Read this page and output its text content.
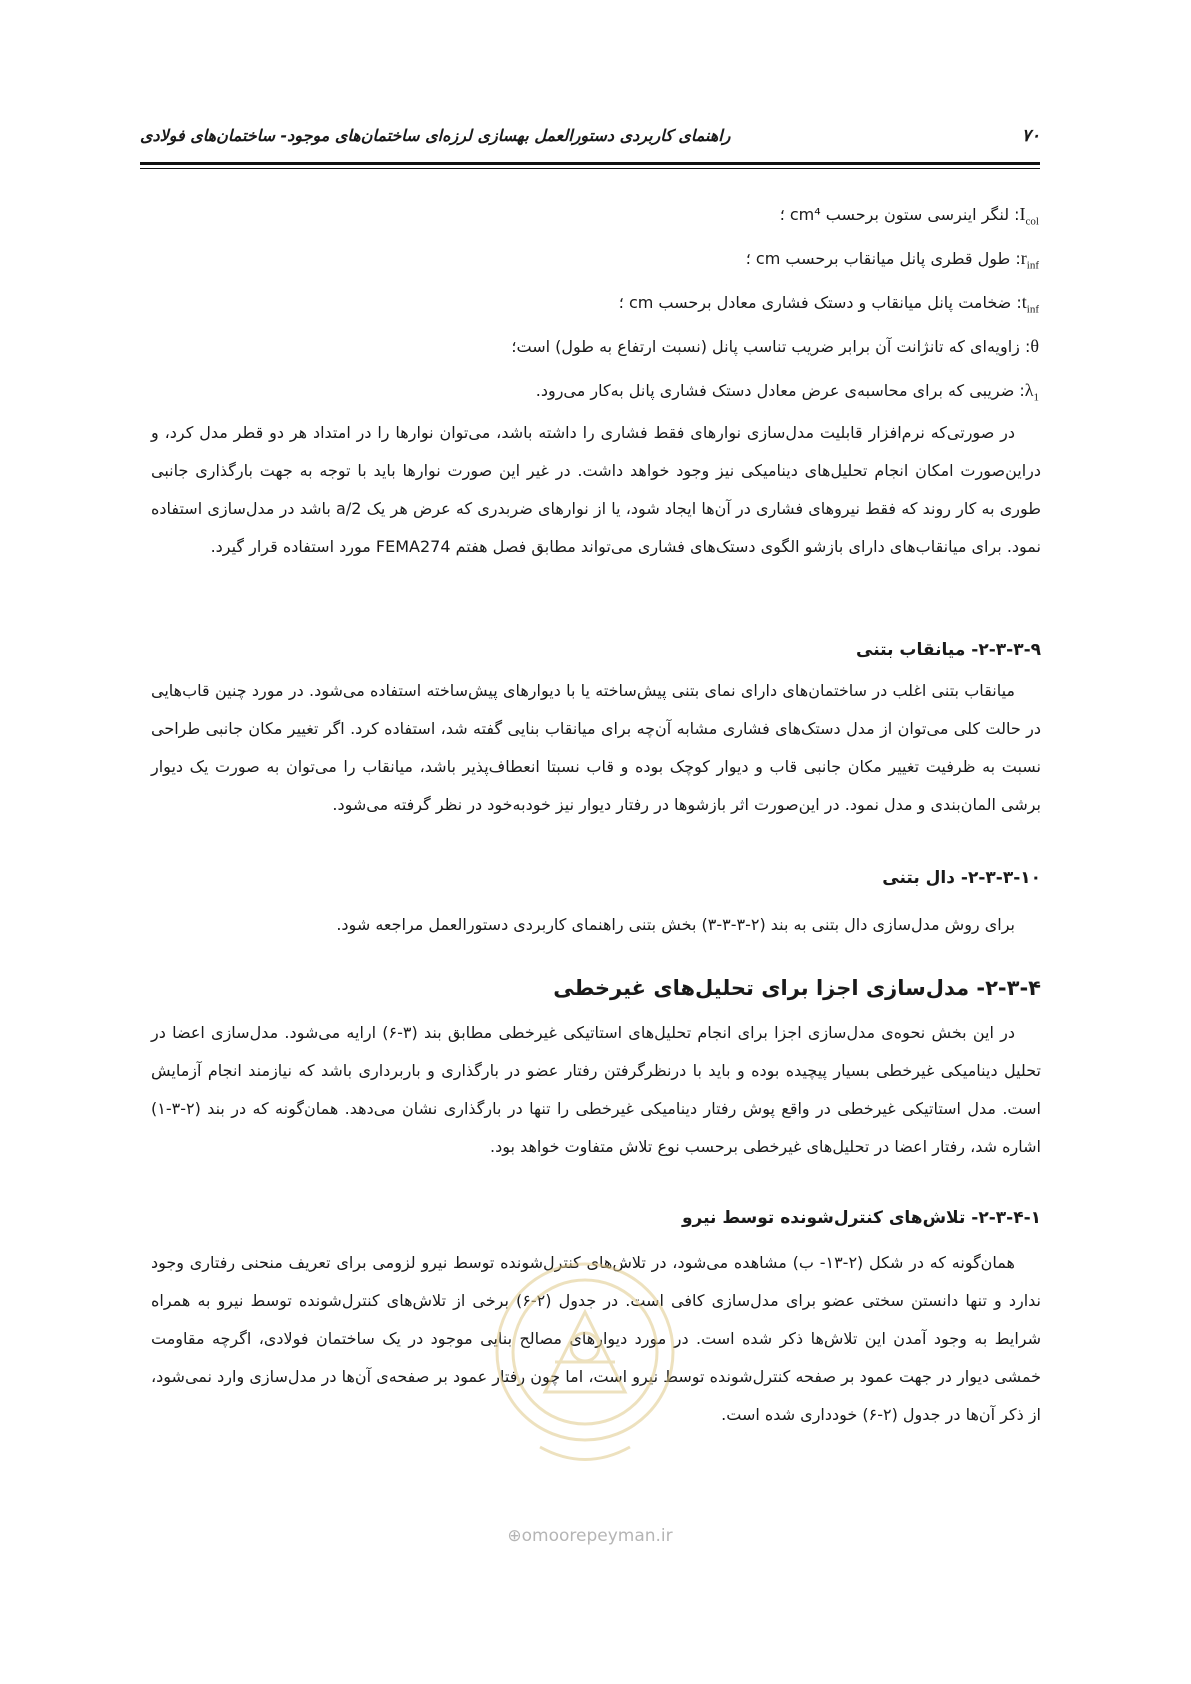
۷۰
راهنمای کاربردی دستورالعمل بهسازی لرزه‌ای ساختمان‌های موجود- ساختمان‌های فولادی
$I_{col}$: لنگر اینرسی ستون برحسب cm⁴ ؛
$r_{inf}$: طول قطری پانل میانقاب برحسب cm ؛
$t_{inf}$: ضخامت پانل میانقاب و دستک فشاری معادل برحسب cm ؛
θ: زاویه‌ای که تانژانت آن برابر ضریب تناسب پانل (نسبت ارتفاع به طول) است؛
$\lambda_1$: ضریبی که برای محاسبه‌ی عرض معادل دستک فشاری پانل به‌کار می‌رود.

در صورتی‌که نرم‌افزار قابلیت مدل‌سازی نوارهای فقط فشاری را داشته باشد، می‌توان نوارها را در امتداد هر دو قطر مدل کرد، و دراین‌صورت امکان انجام تحلیل‌های دینامیکی نیز وجود خواهد داشت. در غیر این صورت نوارها باید با توجه به جهت بارگذاری جانبی طوری به کار روند که فقط نیروهای فشاری در آن‌ها ایجاد شود، یا از نوارهای ضربدری که عرض هر یک a/2 باشد در مدل‌سازی استفاده نمود. برای میانقاب‌های دارای بازشو الگوی دستک‌های فشاری می‌تواند مطابق فصل هفتم FEMA274 مورد استفاده قرار گیرد.

۲-۳-۳-۹- میانقاب بتنی

میانقاب بتنی اغلب در ساختمان‌های دارای نمای بتنی پیش‌ساخته یا با دیوارهای پیش‌ساخته استفاده می‌شود. در مورد چنین قاب‌هایی در حالت کلی می‌توان از مدل دستک‌های فشاری مشابه آن‌چه برای میانقاب بنایی گفته شد، استفاده کرد. اگر تغییر مکان جانبی طراحی نسبت به ظرفیت تغییر مکان جانبی قاب و دیوار کوچک بوده و قاب نسبتا انعطاف‌پذیر باشد، میانقاب را می‌توان به صورت یک دیوار برشی المان‌بندی و مدل نمود. در این‌صورت اثر بازشوها در رفتار دیوار نیز خودبه‌خود در نظر گرفته می‌شود.

۲-۳-۳-۱۰- دال بتنی

برای روش مدل‌سازی دال بتنی به بند (۲-۳-۳-۳) بخش بتنی راهنمای کاربردی دستورالعمل مراجعه شود.

۲-۳-۴- مدل‌سازی اجزا برای تحلیل‌های غیرخطی

در این بخش نحوه‌ی مدل‌سازی اجزا برای انجام تحلیل‌های استاتیکی غیرخطی مطابق بند (۳-۶) ارایه می‌شود. مدل‌سازی اعضا در تحلیل دینامیکی غیرخطی بسیار پیچیده بوده و باید با درنظرگرفتن رفتار عضو در بارگذاری و باربرداری باشد که نیازمند انجام آزمایش است. مدل استاتیکی غیرخطی در واقع پوش رفتار دینامیکی غیرخطی را تنها در بارگذاری نشان می‌دهد. همان‌گونه که در بند (۲-۳-۱) اشاره شد، رفتار اعضا در تحلیل‌های غیرخطی برحسب نوع تلاش متفاوت خواهد بود.

۲-۳-۴-۱- تلاش‌های کنترل‌شونده توسط نیرو

همان‌گونه که در شکل (۲-۱۳- ب) مشاهده می‌شود، در تلاش‌های کنترل‌شونده توسط نیرو لزومی برای تعریف منحنی رفتاری وجود ندارد و تنها دانستن سختی عضو برای مدل‌سازی کافی است. در جدول (۲-۶) برخی از تلاش‌های کنترل‌شونده توسط نیرو به همراه شرایط به وجود آمدن این تلاش‌ها ذکر شده است. در مورد دیوارهای مصالح بنایی موجود در یک ساختمان فولادی، اگرچه مقاومت خمشی دیوار در جهت عمود بر صفحه کنترل‌شونده توسط نیرو است، اما چون رفتار عمود بر صفحه‌ی آن‌ها در مدل‌سازی وارد نمی‌شود، از ذکر آن‌ها در جدول (۲-۶) خودداری شده است.

⊕omoorepeyman.ir
